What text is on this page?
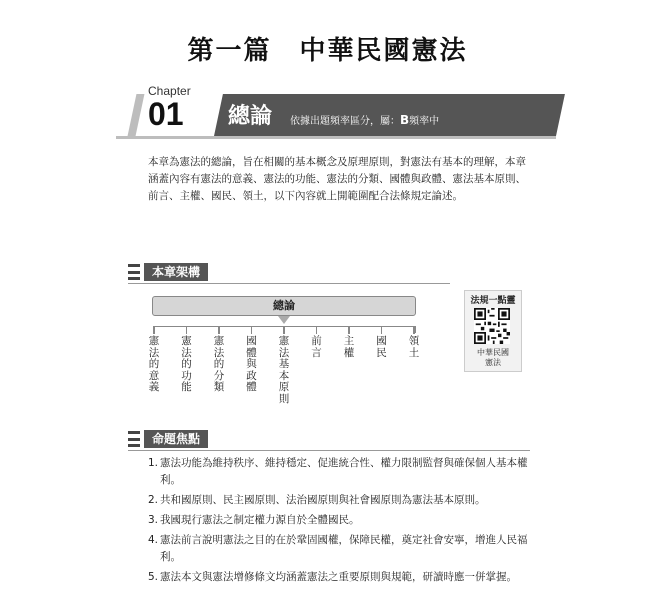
第一篇　中華民國憲法
Chapter
01 總論 依據出題頻率區分，屬：B頻率中
本章為憲法的總論，旨在相關的基本概念及原理原則，對憲法有基本的理解，本章涵蓋內容有憲法的意義、憲法的功能、憲法的分類、國體與政體、憲法基本原則、前言、主權、國民、領土，以下內容就上開範圍配合法條規定論述。
本章架構
總論
憲法的意義
憲法的功能
憲法的分類
國體與政體
憲法基本原則
前言
主權
國民
領土
法規一點靈
中華民國
憲法
命題焦點
1. 憲法功能為維持秩序、維持穩定、促進統合性、權力限制監督與確保個人基本權利。
2. 共和國原則、民主國原則、法治國原則與社會國原則為憲法基本原則。
3. 我國現行憲法之制定權力源自於全體國民。
4. 憲法前言說明憲法之目的在於鞏固國權，保障民權，奠定社會安寧，增進人民福利。
5. 憲法本文與憲法增修條文均涵蓋憲法之重要原則與規範，研讀時應一併掌握。
